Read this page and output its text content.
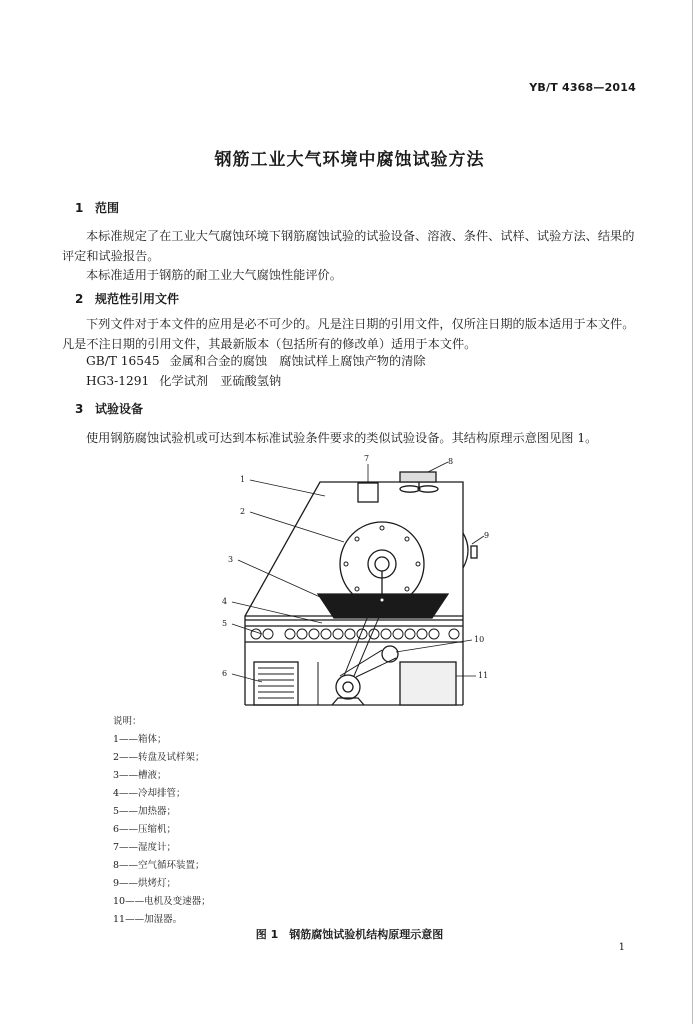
YB/T 4368—2014
钢筋工业大气环境中腐蚀试验方法
1 范围
本标准规定了在工业大气腐蚀环境下钢筋腐蚀试验的试验设备、溶液、条件、试样、试验方法、结果的评定和试验报告。
本标准适用于钢筋的耐工业大气腐蚀性能评价。
2 规范性引用文件
下列文件对于本文件的应用是必不可少的。凡是注日期的引用文件，仅所注日期的版本适用于本文件。凡是不注日期的引用文件，其最新版本（包括所有的修改单）适用于本文件。
GB/T 16545 金属和合金的腐蚀　腐蚀试样上腐蚀产物的清除
HG3-1291 化学试剂　亚硫酸氢钠
3 试验设备
使用钢筋腐蚀试验机或可达到本标准试验条件要求的类似试验设备。其结构原理示意图见图 1。
1
2
3
4
5
6
7	8
9
10
11
说明：
1——箱体；
2——转盘及试样架；
3——槽液；
4——冷却排管；
5——加热器；
6——压缩机；
7——湿度计；
8——空气循环装置；
9——烘烤灯；
10——电机及变速器；
11——加湿器。
图 1　钢筋腐蚀试验机结构原理示意图
1
